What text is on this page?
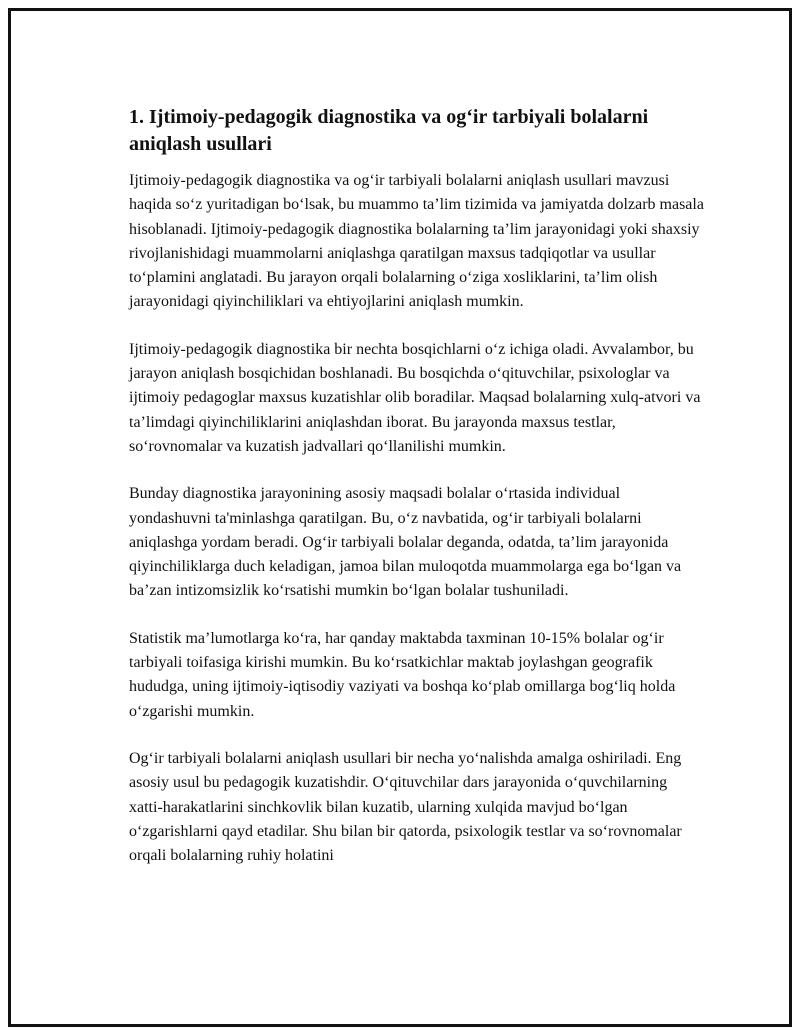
1. Ijtimoiy-pedagogik diagnostika va og‘ir tarbiyali bolalarni aniqlash usullari

Ijtimoiy-pedagogik diagnostika va og‘ir tarbiyali bolalarni aniqlash usullari mavzusi haqida so‘z yuritadigan bo‘lsak, bu muammo ta’lim tizimida va jamiyatda dolzarb masala hisoblanadi. Ijtimoiy-pedagogik diagnostika bolalarning ta’lim jarayonidagi yoki shaxsiy rivojlanishidagi muammolarni aniqlashga qaratilgan maxsus tadqiqotlar va usullar to‘plamini anglatadi. Bu jarayon orqali bolalarning o‘ziga xosliklarini, ta’lim olish jarayonidagi qiyinchiliklari va ehtiyojlarini aniqlash mumkin.

Ijtimoiy-pedagogik diagnostika bir nechta bosqichlarni o‘z ichiga oladi. Avvalambor, bu jarayon aniqlash bosqichidan boshlanadi. Bu bosqichda o‘qituvchilar, psixologlar va ijtimoiy pedagoglar maxsus kuzatishlar olib boradilar. Maqsad bolalarning xulq-atvori va ta’limdagi qiyinchiliklarini aniqlashdan iborat. Bu jarayonda maxsus testlar, so‘rovnomalar va kuzatish jadvallari qo‘llanilishi mumkin.

Bunday diagnostika jarayonining asosiy maqsadi bolalar o‘rtasida individual yondashuvni ta'minlashga qaratilgan. Bu, o‘z navbatida, og‘ir tarbiyali bolalarni aniqlashga yordam beradi. Og‘ir tarbiyali bolalar deganda, odatda, ta’lim jarayonida qiyinchiliklarga duch keladigan, jamoa bilan muloqotda muammolarga ega bo‘lgan va ba’zan intizomsizlik ko‘rsatishi mumkin bo‘lgan bolalar tushuniladi.

Statistik ma’lumotlarga ko‘ra, har qanday maktabda taxminan 10-15% bolalar og‘ir tarbiyali toifasiga kirishi mumkin. Bu ko‘rsatkichlar maktab joylashgan geografik hududga, uning ijtimoiy-iqtisodiy vaziyati va boshqa ko‘plab omillarga bog‘liq holda o‘zgarishi mumkin.

Og‘ir tarbiyali bolalarni aniqlash usullari bir necha yo‘nalishda amalga oshiriladi. Eng asosiy usul bu pedagogik kuzatishdir. O‘qituvchilar dars jarayonida o‘quvchilarning xatti-harakatlarini sinchkovlik bilan kuzatib, ularning xulqida mavjud bo‘lgan o‘zgarishlarni qayd etadilar. Shu bilan bir qatorda, psixologik testlar va so‘rovnomalar orqali bolalarning ruhiy holatini
